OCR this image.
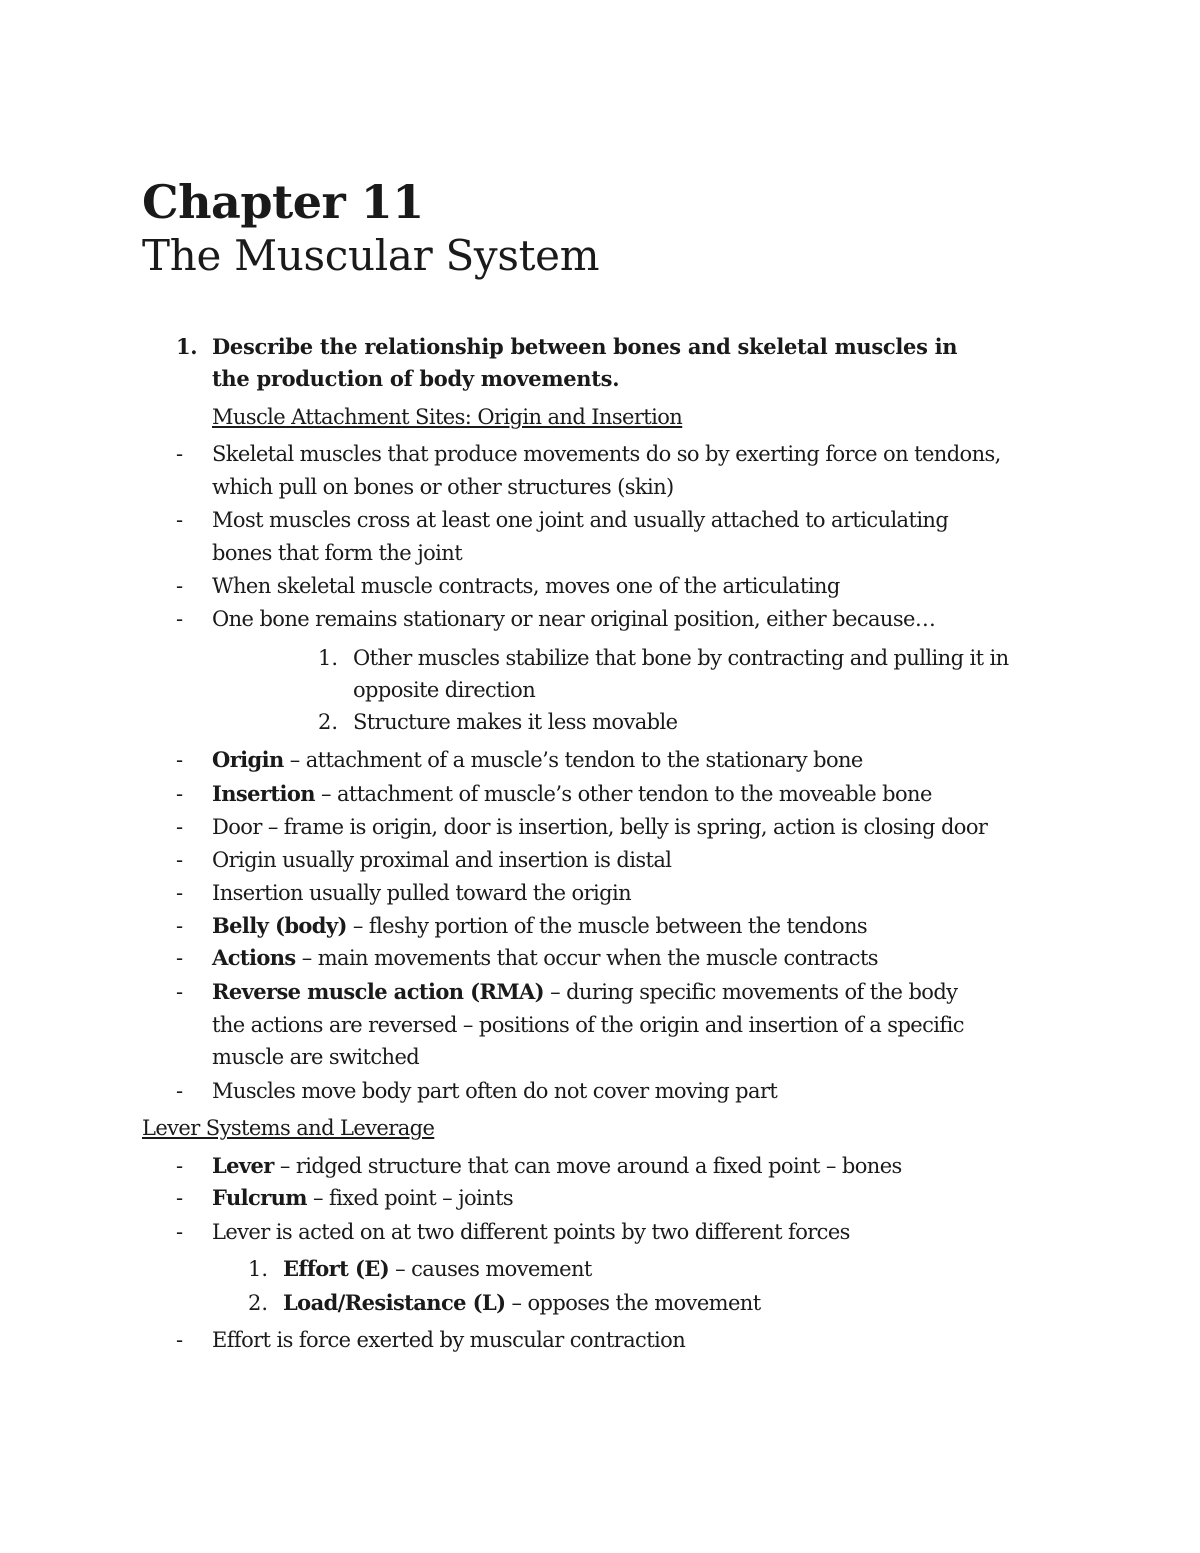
Chapter 11
The Muscular System
1. Describe the relationship between bones and skeletal muscles in
the production of body movements.
Muscle Attachment Sites: Origin and Insertion
- Skeletal muscles that produce movements do so by exerting force on tendons,
which pull on bones or other structures (skin)
- Most muscles cross at least one joint and usually attached to articulating
bones that form the joint
- When skeletal muscle contracts, moves one of the articulating
- One bone remains stationary or near original position, either because…
1. Other muscles stabilize that bone by contracting and pulling it in
opposite direction
2. Structure makes it less movable
- Origin – attachment of a muscle’s tendon to the stationary bone
- Insertion – attachment of muscle’s other tendon to the moveable bone
- Door – frame is origin, door is insertion, belly is spring, action is closing door
- Origin usually proximal and insertion is distal
- Insertion usually pulled toward the origin
- Belly (body) – fleshy portion of the muscle between the tendons
- Actions – main movements that occur when the muscle contracts
- Reverse muscle action (RMA) – during specific movements of the body
the actions are reversed – positions of the origin and insertion of a specific
muscle are switched
- Muscles move body part often do not cover moving part
Lever Systems and Leverage
- Lever – ridged structure that can move around a fixed point – bones
- Fulcrum – fixed point – joints
- Lever is acted on at two different points by two different forces
1. Effort (E) – causes movement
2. Load/Resistance (L) – opposes the movement
- Effort is force exerted by muscular contraction
